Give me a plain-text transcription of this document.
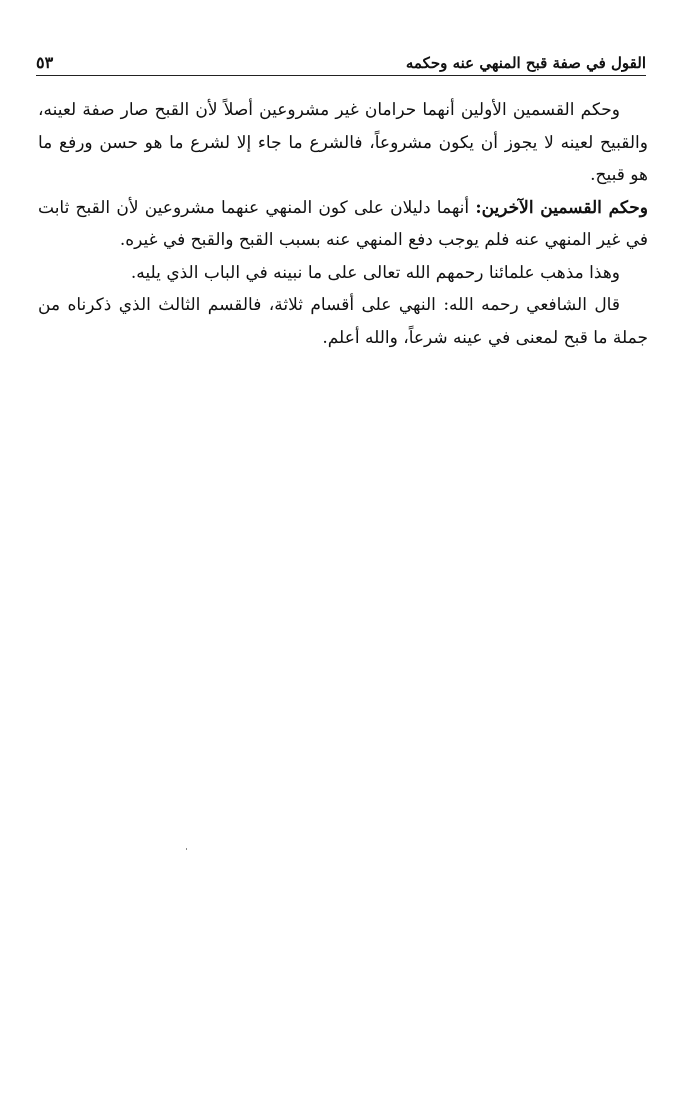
القول في صفة قبح المنهي عنه وحكمه
٥٣

وحكم القسمين الأولين أنهما حرامان غير مشروعين أصلاً لأن القبح صار صفة لعينه، والقبيح لعينه لا يجوز أن يكون مشروعاً، فالشرع ما جاء إلا لشرع ما هو حسن ورفع ما هو قبيح.

وحكم القسمين الآخرين: أنهما دليلان على كون المنهي عنهما مشروعين لأن القبح ثابت في غير المنهي عنه فلم يوجب دفع المنهي عنه بسبب القبح والقبح في غيره.

وهذا مذهب علمائنا رحمهم الله تعالى على ما نبينه في الباب الذي يليه.

قال الشافعي رحمه الله: النهي على أقسام ثلاثة، فالقسم الثالث الذي ذكرناه من جملة ما قبح لمعنى في عينه شرعاً، والله أعلم.
